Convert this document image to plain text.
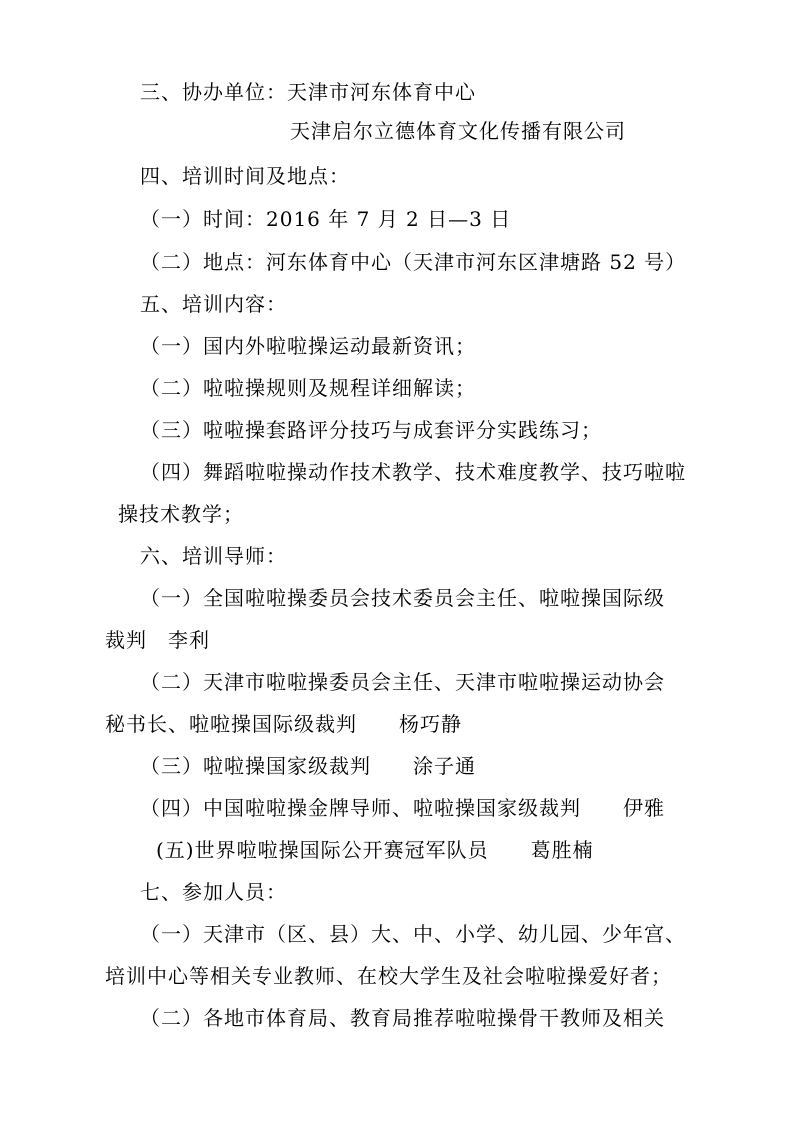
三、协办单位：天津市河东体育中心
天津启尔立德体育文化传播有限公司
四、培训时间及地点：
（一）时间：2016 年 7 月 2 日—3 日
（二）地点：河东体育中心（天津市河东区津塘路 52 号）
五、培训内容：
（一）国内外啦啦操运动最新资讯；
（二）啦啦操规则及规程详细解读；
（三）啦啦操套路评分技巧与成套评分实践练习；
（四）舞蹈啦啦操动作技术教学、技术难度教学、技巧啦啦
操技术教学；
六、培训导师：
（一）全国啦啦操委员会技术委员会主任、啦啦操国际级
裁判　李利
（二）天津市啦啦操委员会主任、天津市啦啦操运动协会
秘书长、啦啦操国际级裁判　　杨巧静
（三）啦啦操国家级裁判　　涂子通
（四）中国啦啦操金牌导师、啦啦操国家级裁判　　伊雅
(五)世界啦啦操国际公开赛冠军队员　　葛胜楠
七、参加人员：
（一）天津市（区、县）大、中、小学、幼儿园、少年宫、
培训中心等相关专业教师、在校大学生及社会啦啦操爱好者；
（二）各地市体育局、教育局推荐啦啦操骨干教师及相关
